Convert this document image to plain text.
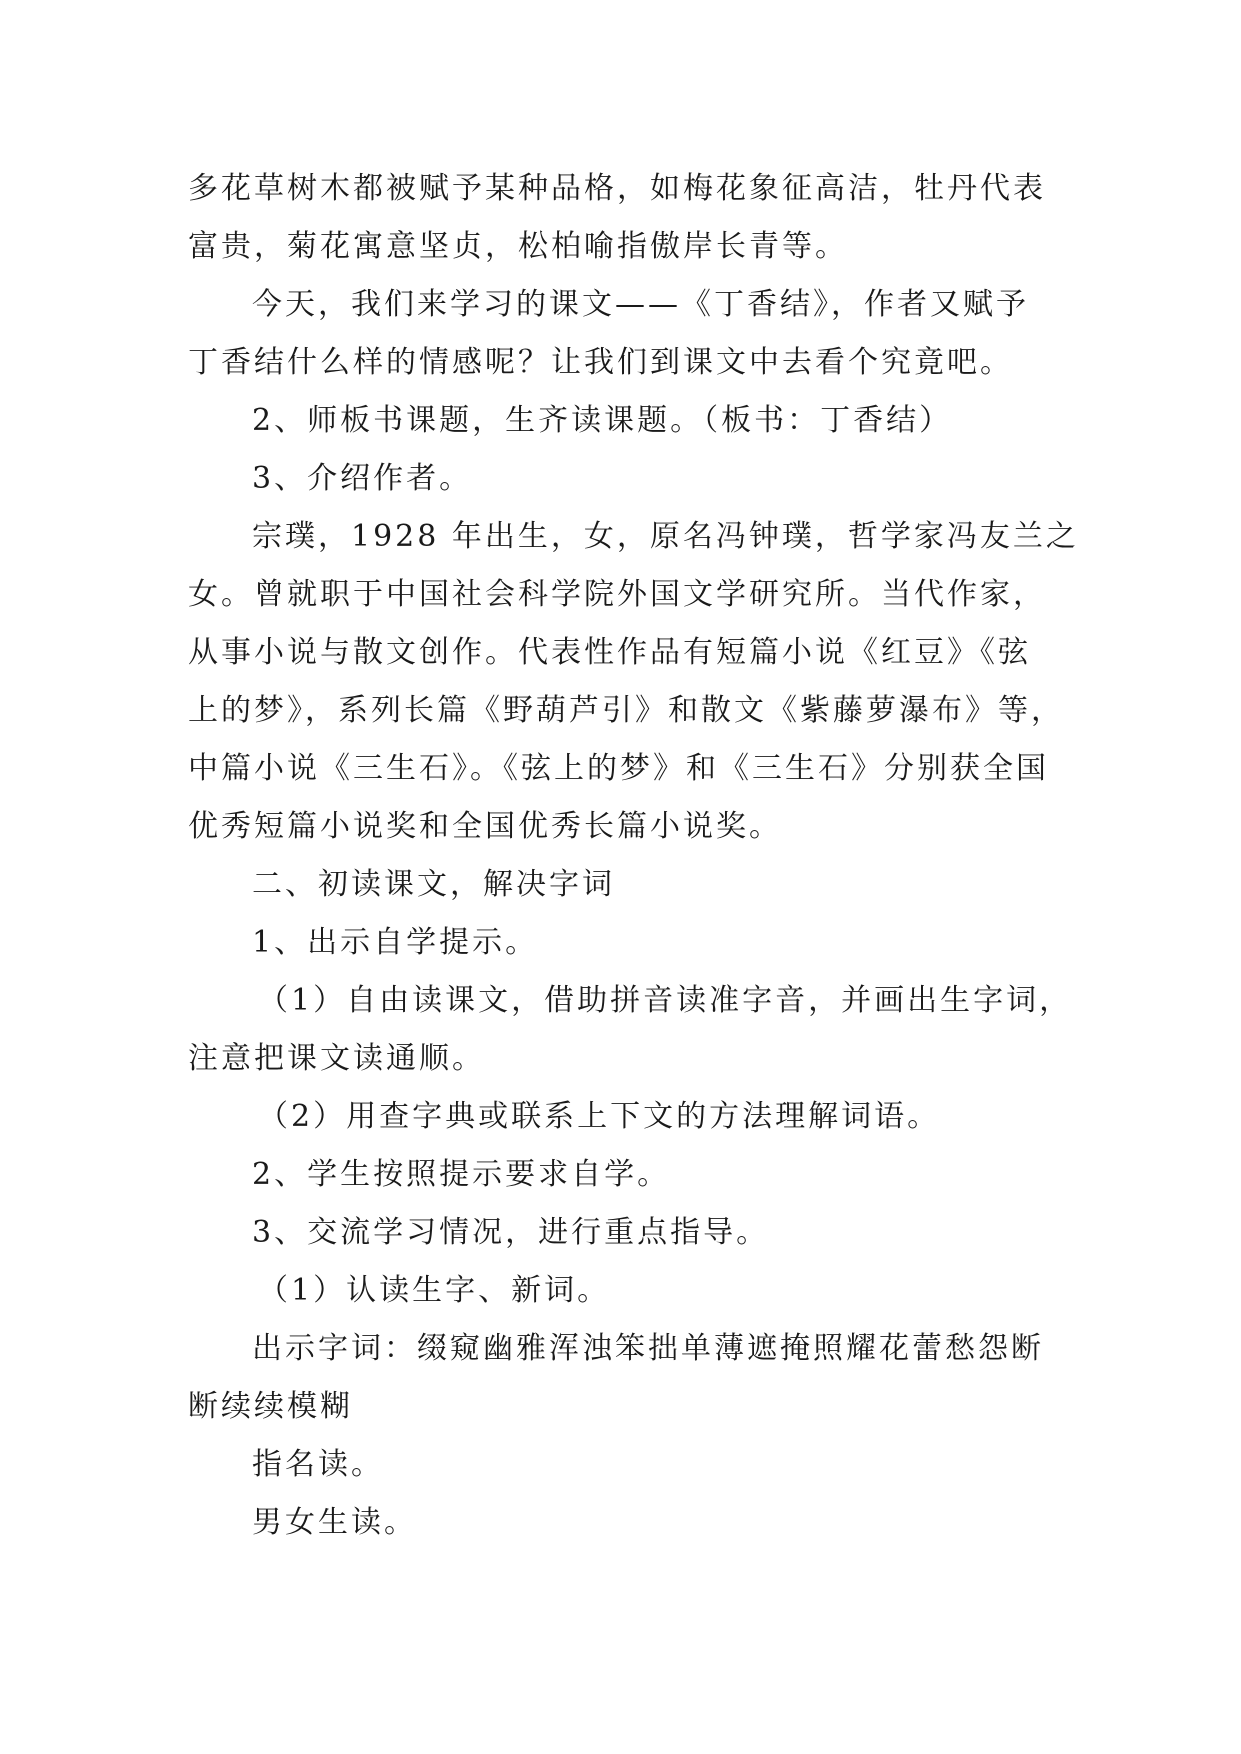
多花草树木都被赋予某种品格，如梅花象征高洁，牡丹代表
富贵，菊花寓意坚贞，松柏喻指傲岸长青等。
今天，我们来学习的课文——《丁香结》，作者又赋予
丁香结什么样的情感呢？让我们到课文中去看个究竟吧。
2、师板书课题，生齐读课题。（板书：丁香结）
3、介绍作者。
宗璞，1928 年出生，女，原名冯钟璞，哲学家冯友兰之
女。曾就职于中国社会科学院外国文学研究所。当代作家，
从事小说与散文创作。代表性作品有短篇小说《红豆》《弦
上的梦》，系列长篇《野葫芦引》和散文《紫藤萝瀑布》等，
中篇小说《三生石》。《弦上的梦》和《三生石》分别获全国
优秀短篇小说奖和全国优秀长篇小说奖。
二、初读课文，解决字词
1、出示自学提示。
（1）自由读课文，借助拼音读准字音，并画出生字词，
注意把课文读通顺。
（2）用查字典或联系上下文的方法理解词语。
2、学生按照提示要求自学。
3、交流学习情况，进行重点指导。
（1）认读生字、新词。
出示字词：缀窥幽雅浑浊笨拙单薄遮掩照耀花蕾愁怨断
断续续模糊
指名读。
男女生读。
